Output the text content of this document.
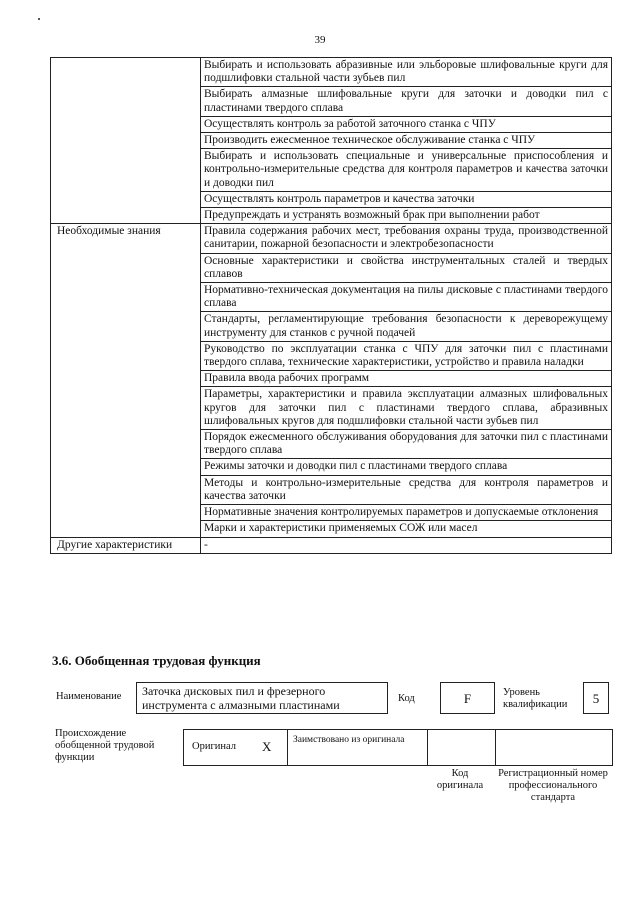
39
	Выбирать и использовать абразивные или эльборовые шлифовальные круги для подшлифовки стальной части зубьев пил
	Выбирать алмазные шлифовальные круги для заточки и доводки пил с пластинами твердого сплава
	Осуществлять контроль за работой заточного станка с ЧПУ
	Производить ежесменное техническое обслуживание станка с ЧПУ
	Выбирать и использовать специальные и универсальные приспособления и контрольно-измерительные средства для контроля параметров и качества заточки и доводки пил
	Осуществлять контроль параметров и качества заточки
	Предупреждать и устранять возможный брак при выполнении работ
Необходимые знания	Правила содержания рабочих мест, требования охраны труда, производственной санитарии, пожарной безопасности и электробезопасности
	Основные характеристики и свойства инструментальных сталей и твердых сплавов
	Нормативно-техническая документация на пилы дисковые с пластинами твердого сплава
	Стандарты, регламентирующие требования безопасности к дереворежущему инструменту для станков с ручной подачей
	Руководство по эксплуатации станка с ЧПУ для заточки пил с пластинами твердого сплава, технические характеристики, устройство и правила наладки
	Правила ввода рабочих программ
	Параметры, характеристики и правила эксплуатации алмазных шлифовальных кругов для заточки пил с пластинами твердого сплава, абразивных шлифовальных кругов для подшлифовки стальной части зубьев пил
	Порядок ежесменного обслуживания оборудования для заточки пил с пластинами твердого сплава
	Режимы заточки и доводки пил с пластинами твердого сплава
	Методы и контрольно-измерительные средства для контроля параметров и качества заточки
	Нормативные значения контролируемых параметров и допускаемые отклонения
	Марки и характеристики применяемых СОЖ или масел
Другие характеристики	-
3.6. Обобщенная трудовая функция
Наименование Заточка дисковых пил и фрезерного инструмента с алмазными пластинами	Код	F	Уровень квалификации	5
Происхождение обобщенной трудовой функции
Оригинал X Заимствовано из оригинала
Код оригинала
Регистрационный номер профессионального стандарта
